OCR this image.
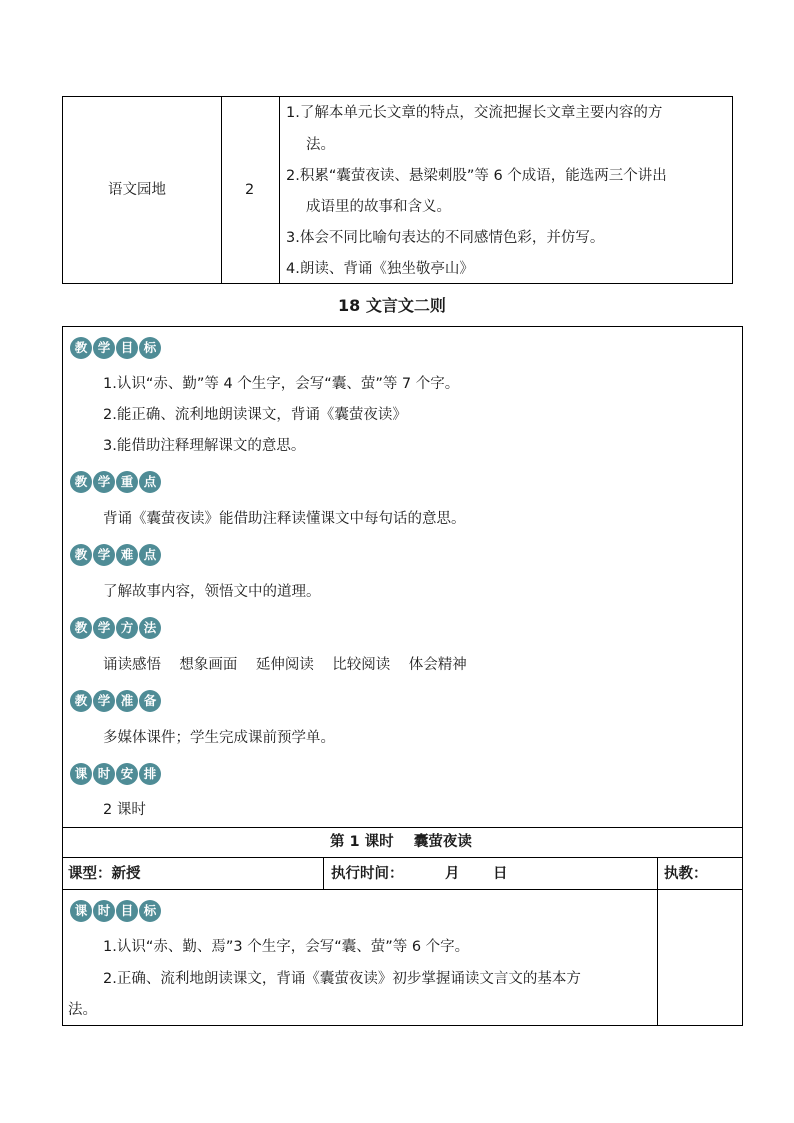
语文园地	2
1.了解本单元长文章的特点，交流把握长文章主要内容的方
法。
2.积累“囊萤夜读、悬梁刺股”等 6 个成语，能选两三个讲出
成语里的故事和含义。
3.体会不同比喻句表达的不同感情色彩，并仿写。
4.朗读、背诵《独坐敬亭山》
18 文言文二则
教 学 目 标
1.认识“赤、勤”等 4 个生字，会写“囊、萤”等 7 个字。
2.能正确、流利地朗读课文，背诵《囊萤夜读》
3.能借助注释理解课文的意思。
教 学 重 点
背诵《囊萤夜读》能借助注释读懂课文中每句话的意思。
教 学 难 点
了解故事内容，领悟文中的道理。
教 学 方 法
诵读感悟    想象画面    延伸阅读    比较阅读    体会精神
教 学 准 备
多媒体课件；学生完成课前预学单。
课 时 安 排
2 课时
第 1 课时    囊萤夜读
课型：新授	执行时间：	月 日	执教：
课 时 目 标
1.认识“赤、勤、焉”3 个生字，会写“囊、萤”等 6 个字。
2.正确、流利地朗读课文，背诵《囊萤夜读》初步掌握诵读文言文的基本方
法。
